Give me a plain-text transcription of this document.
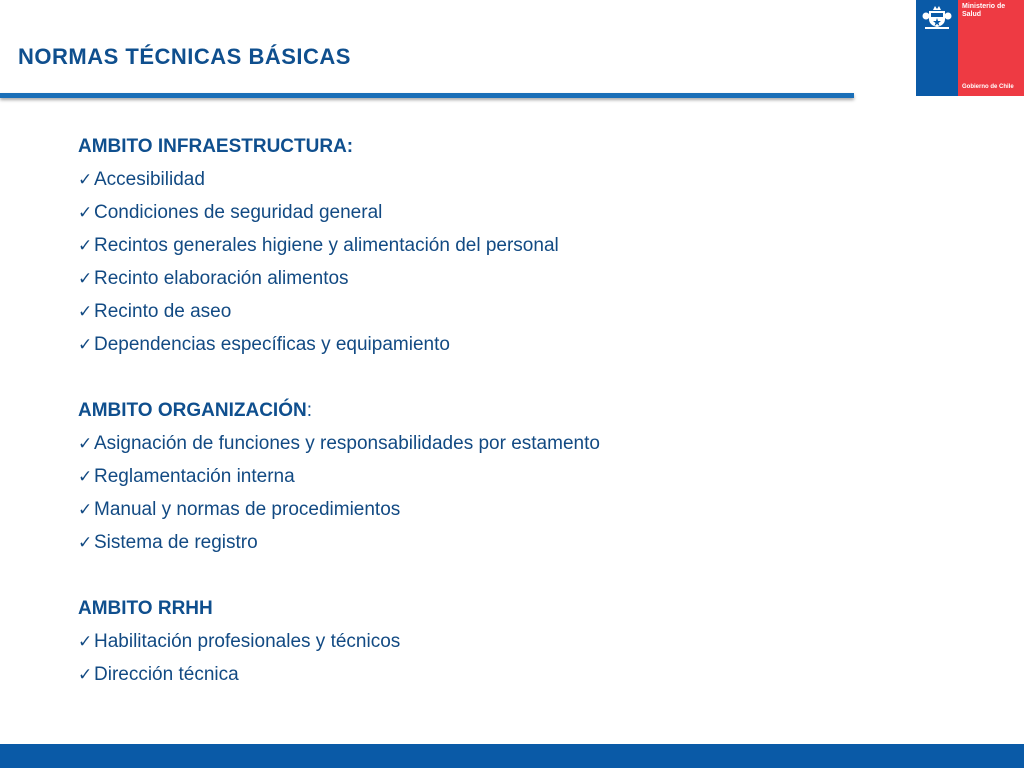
NORMAS TÉCNICAS BÁSICAS
Ministerio de
Salud
Gobierno de Chile
AMBITO INFRAESTRUCTURA:
✓Accesibilidad
✓Condiciones de seguridad general
✓Recintos generales higiene y alimentación del personal
✓Recinto elaboración alimentos
✓Recinto de aseo
✓Dependencias específicas y equipamiento
AMBITO ORGANIZACIÓN:
✓Asignación de funciones y responsabilidades por estamento
✓Reglamentación interna
✓Manual y normas de procedimientos
✓Sistema de registro
AMBITO RRHH
✓Habilitación profesionales y técnicos
✓Dirección técnica
